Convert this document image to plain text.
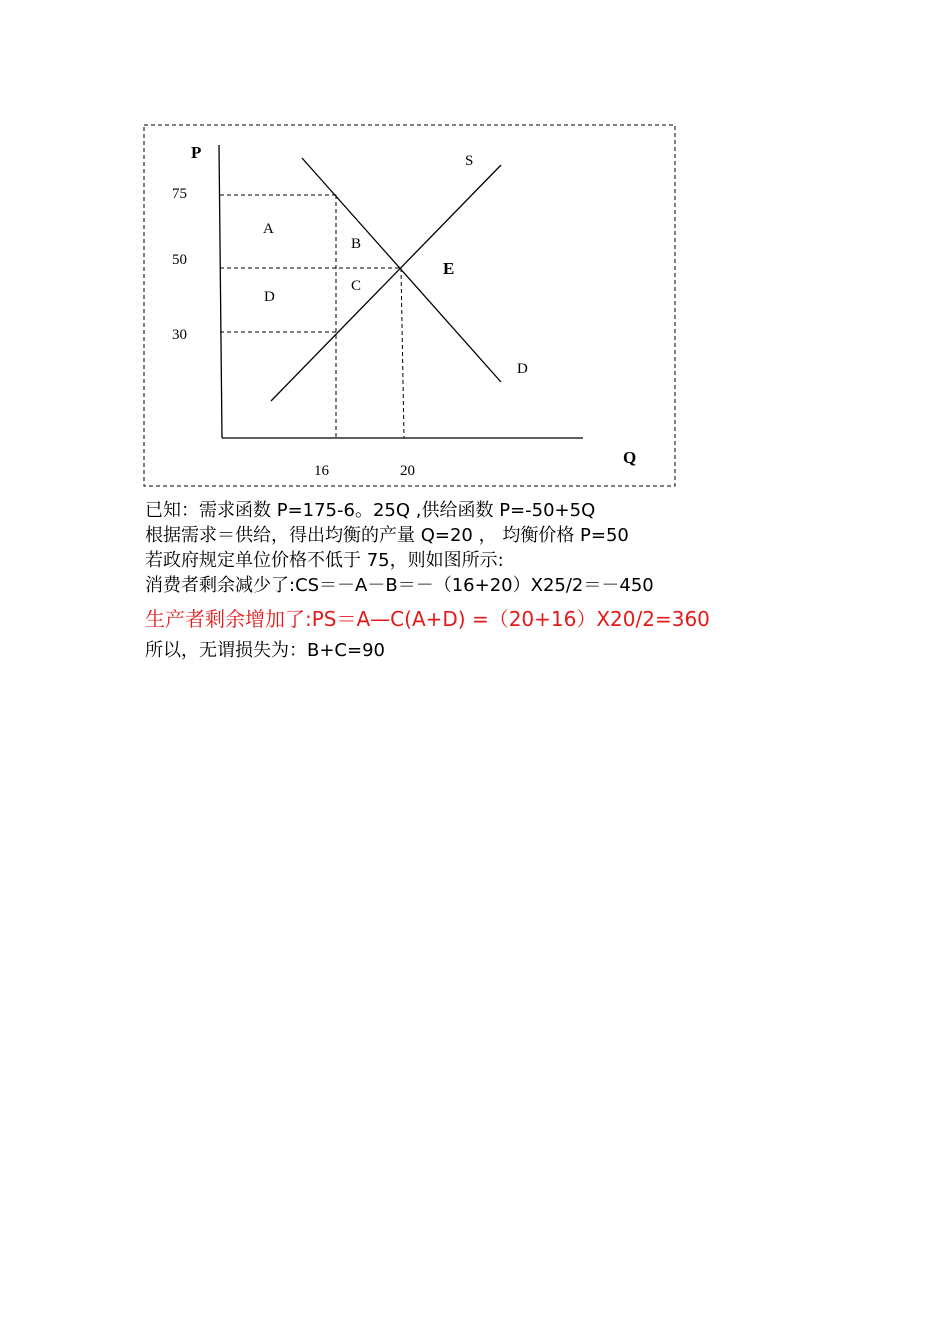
P
Q
S
D
E
A
B
C
D
75
50
30
16	20
已知：需求函数 P=175-6。25Q ,供给函数 P=-50+5Q
根据需求＝供给，得出均衡的产量 Q=20 ， 均衡价格 P=50
若政府规定单位价格不低于 75，则如图所示:
消费者剩余减少了:CS＝－A－B＝－（16+20）X25/2＝－450
生产者剩余增加了:PS＝A—C(A+D) =（20+16）X20/2=360
所以，无谓损失为：B+C=90
